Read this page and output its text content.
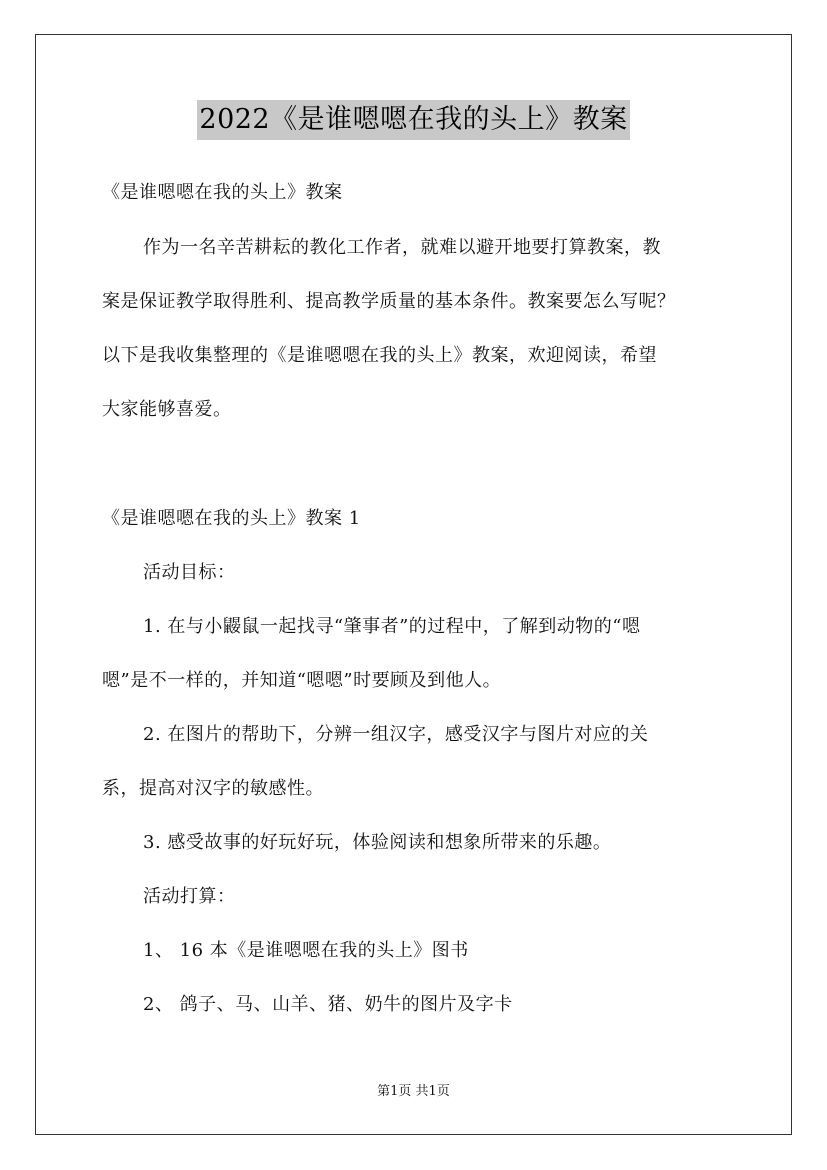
2022《是谁嗯嗯在我的头上》教案
《是谁嗯嗯在我的头上》教案
作为一名辛苦耕耘的教化工作者，就难以避开地要打算教案，教
案是保证教学取得胜利、提高教学质量的基本条件。教案要怎么写呢？
以下是我收集整理的《是谁嗯嗯在我的头上》教案，欢迎阅读，希望
大家能够喜爱。
《是谁嗯嗯在我的头上》教案 1
活动目标：
1. 在与小鼹鼠一起找寻“肇事者”的过程中，了解到动物的“嗯
嗯”是不一样的，并知道“嗯嗯”时要顾及到他人。
2. 在图片的帮助下，分辨一组汉字，感受汉字与图片对应的关
系，提高对汉字的敏感性。
3. 感受故事的好玩好玩，体验阅读和想象所带来的乐趣。
活动打算：
1、 16 本《是谁嗯嗯在我的头上》图书
2、 鸽子、马、山羊、猪、奶牛的图片及字卡
第1页 共1页
